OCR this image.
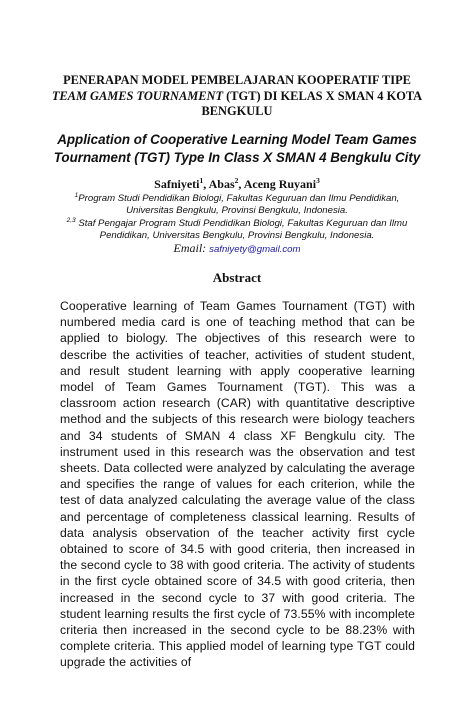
PENERAPAN MODEL PEMBELAJARAN KOOPERATIF TIPE
TEAM GAMES TOURNAMENT (TGT) DI KELAS X SMAN 4 KOTA
BENGKULU
Application of Cooperative Learning Model Team Games
Tournament (TGT) Type In Class X SMAN 4 Bengkulu City
Safniyeti$^1$, Abas$^2$, Aceng Ruyani$^3$
$^1$Program Studi Pendidikan Biologi, Fakultas Keguruan dan Ilmu Pendidikan,
Universitas Bengkulu, Provinsi Bengkulu, Indonesia.
$^{2,3}$ Staf Pengajar Program Studi Pendidikan Biologi, Fakultas Keguruan dan Ilmu
Pendidikan, Universitas Bengkulu, Provinsi Bengkulu, Indonesia.
Email: safniyety@gmail.com
Abstract
Cooperative learning of Team Games Tournament (TGT) with numbered media card is one of teaching method that can be applied to biology. The objectives of this research were to describe the activities of teacher, activities of student student, and result student learning with apply cooperative learning model of Team Games Tournament (TGT). This was a classroom action research (CAR) with quantitative descriptive method and the subjects of this research were biology teachers and 34 students of SMAN 4 class XF Bengkulu city. The instrument used in this research was the observation and test sheets. Data collected were analyzed by calculating the average and specifies the range of values for each criterion, while the test of data analyzed calculating the average value of the class and percentage of completeness classical learning. Results of data analysis observation of the teacher activity first cycle obtained to score of 34.5 with good criteria, then increased in the second cycle to 38 with good criteria. The activity of students in the first cycle obtained score of 34.5 with good criteria, then increased in the second cycle to 37 with good criteria. The student learning results the first cycle of 73.55% with incomplete criteria then increased in the second cycle to be 88.23% with complete criteria. This applied model of learning type TGT could upgrade the activities of
